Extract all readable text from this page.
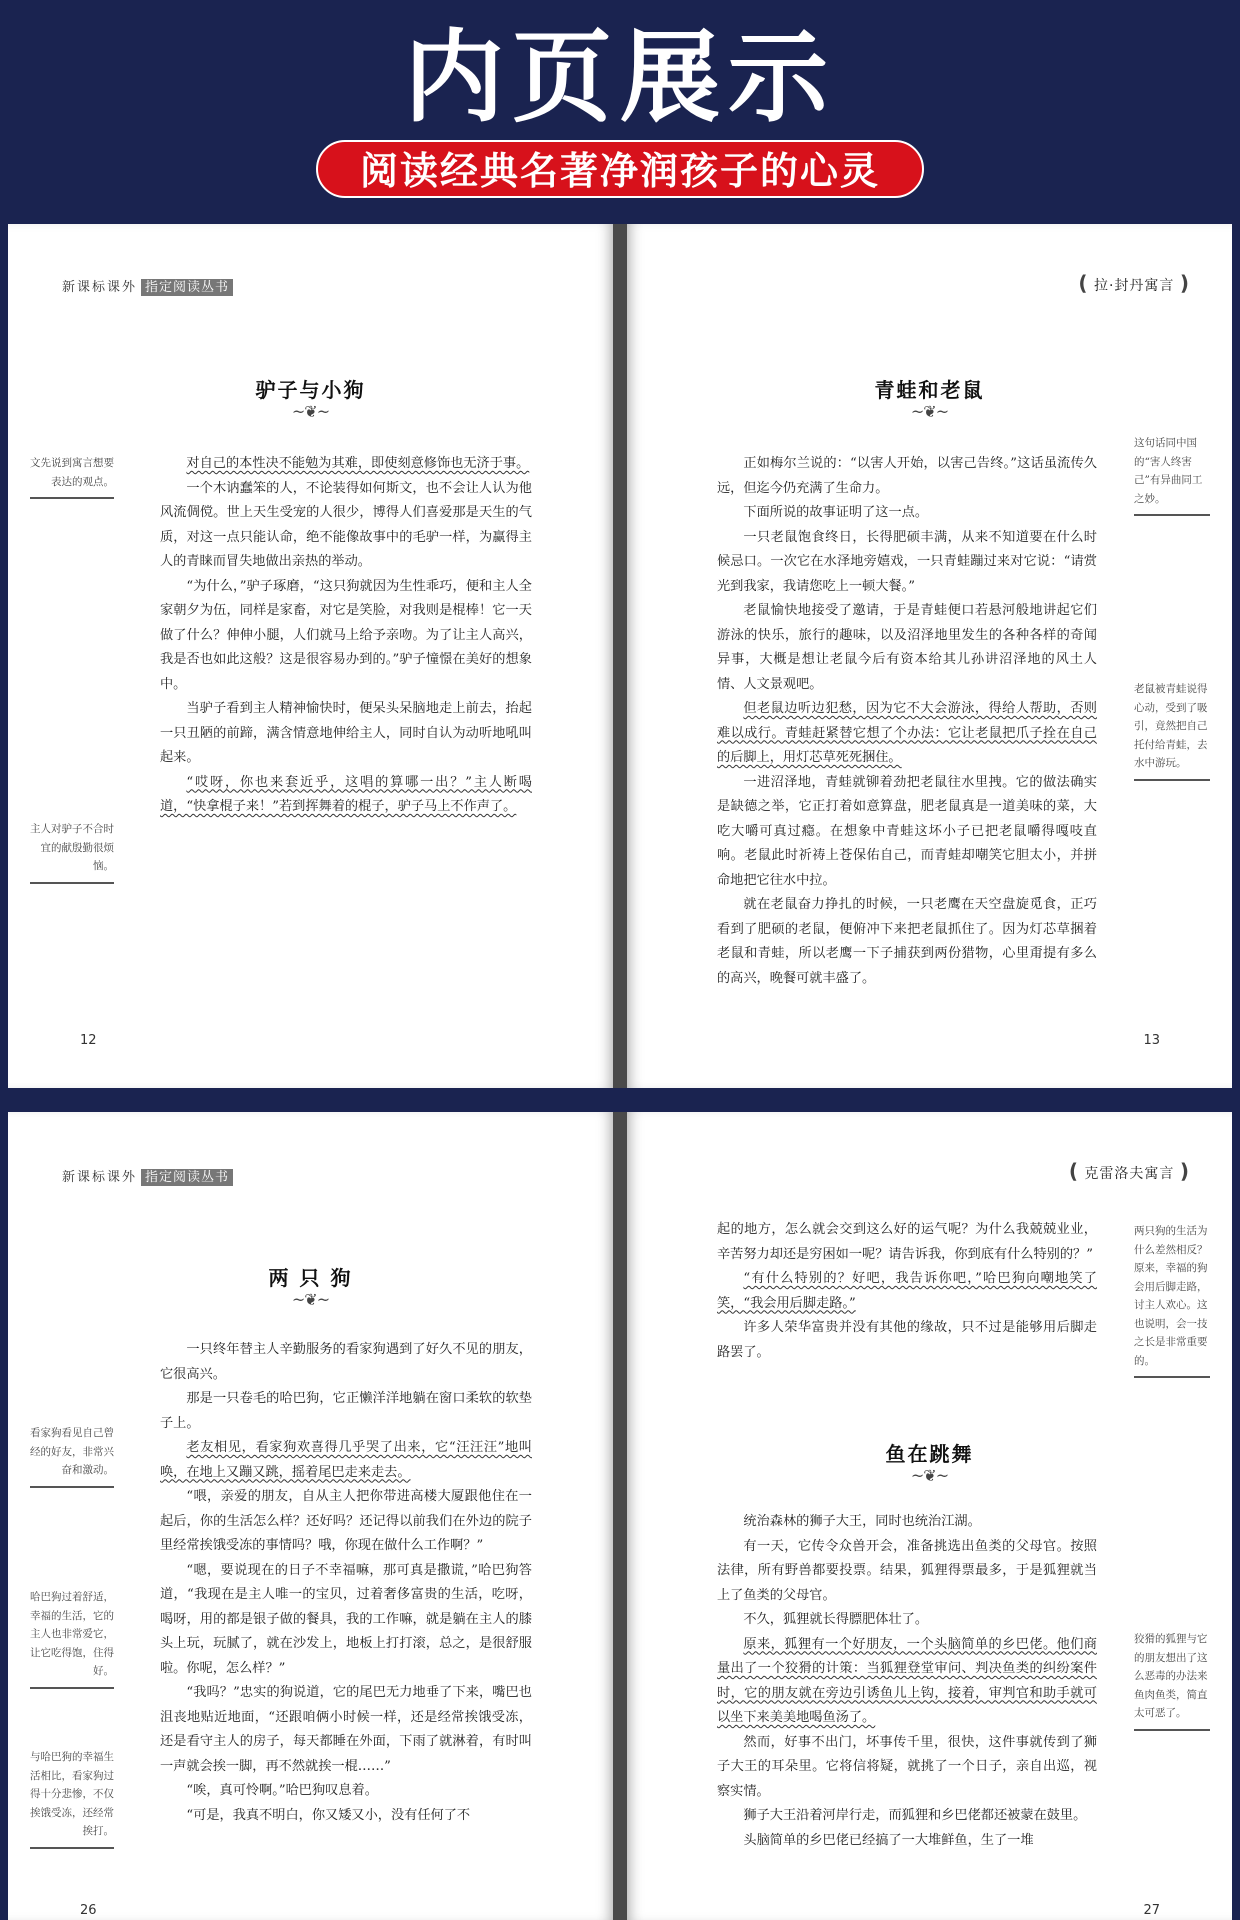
内页展示
阅读经典名著净润孩子的心灵
新课标课外 指定阅读丛书
驴子与小狗
~❦~
文先说到寓言想要表达的观点。
主人对驴子不合时宜的献殷勤很烦恼。

对自己的本性决不能勉为其难，即使刻意修饰也无济于事。

一个木讷蠢笨的人，不论装得如何斯文，也不会让人认为他风流倜傥。世上天生受宠的人很少，博得人们喜爱那是天生的气质，对这一点只能认命，绝不能像故事中的毛驴一样，为赢得主人的青睐而冒失地做出亲热的举动。

“为什么，”驴子琢磨，“这只狗就因为生性乖巧，便和主人全家朝夕为伍，同样是家畜，对它是笑脸，对我则是棍棒！它一天做了什么？伸伸小腿，人们就马上给予亲吻。为了让主人高兴，我是否也如此这般？这是很容易办到的。”驴子憧憬在美好的想象中。

当驴子看到主人精神愉快时，便呆头呆脑地走上前去，抬起一只丑陋的前蹄，满含情意地伸给主人，同时自认为动听地吼叫起来。

“哎呀，你也来套近乎，这唱的算哪一出？”主人断喝道，“快拿棍子来！”若到挥舞着的棍子，驴子马上不作声了。

12
( 拉·封丹寓言 )
青蛙和老鼠
~❦~
这句话同中国的“害人终害己”有异曲同工之妙。
老鼠被青蛙说得心动，受到了吸引，竟然把自己托付给青蛙，去水中游玩。

正如梅尔兰说的：“以害人开始，以害己告终。”这话虽流传久远，但迄今仍充满了生命力。

下面所说的故事证明了这一点。

一只老鼠饱食终日，长得肥硕丰满，从来不知道要在什么时候忌口。一次它在水泽地旁嬉戏，一只青蛙蹦过来对它说：“请赏光到我家，我请您吃上一顿大餐。”

老鼠愉快地接受了邀请，于是青蛙便口若悬河般地讲起它们游泳的快乐，旅行的趣味，以及沼泽地里发生的各种各样的奇闻异事，大概是想让老鼠今后有资本给其儿孙讲沼泽地的风土人情、人文景观吧。

但老鼠边听边犯愁，因为它不大会游泳，得给人帮助，否则难以成行。青蛙赶紧替它想了个办法：它让老鼠把爪子拴在自己的后脚上，用灯芯草死死捆住。

一进沼泽地，青蛙就铆着劲把老鼠往水里拽。它的做法确实是缺德之举，它正打着如意算盘，肥老鼠真是一道美味的菜，大吃大嚼可真过瘾。在想象中青蛙这坏小子已把老鼠嚼得嘎吱直响。老鼠此时祈祷上苍保佑自己，而青蛙却嘲笑它胆太小，并拼命地把它往水中拉。

就在老鼠奋力挣扎的时候，一只老鹰在天空盘旋觅食，正巧看到了肥硕的老鼠，便俯冲下来把老鼠抓住了。因为灯芯草捆着老鼠和青蛙，所以老鹰一下子捕获到两份猎物，心里甭提有多么的高兴，晚餐可就丰盛了。

13
新课标课外 指定阅读丛书
两 只 狗
~❦~
看家狗看见自己曾经的好友，非常兴奋和激动。
哈巴狗过着舒适，幸福的生活，它的主人也非常爱它，让它吃得饱，住得好。
与哈巴狗的幸福生活相比，看家狗过得十分悲惨，不仅挨饿受冻，还经常挨打。

一只终年替主人辛勤服务的看家狗遇到了好久不见的朋友，它很高兴。

那是一只卷毛的哈巴狗，它正懒洋洋地躺在窗口柔软的软垫子上。

老友相见，看家狗欢喜得几乎哭了出来，它“汪汪汪”地叫唤，在地上又蹦又跳，摇着尾巴走来走去。

“喂，亲爱的朋友，自从主人把你带进高楼大厦跟他住在一起后，你的生活怎么样？还好吗？还记得以前我们在外边的院子里经常挨饿受冻的事情吗？哦，你现在做什么工作啊？”

“嗯，要说现在的日子不幸福嘛，那可真是撒谎，”哈巴狗答道，“我现在是主人唯一的宝贝，过着奢侈富贵的生活，吃呀，喝呀，用的都是银子做的餐具，我的工作嘛，就是躺在主人的膝头上玩，玩腻了，就在沙发上，地板上打打滚，总之，是很舒服啦。你呢，怎么样？”

“我吗？”忠实的狗说道，它的尾巴无力地垂了下来，嘴巴也沮丧地贴近地面，“还跟咱俩小时候一样，还是经常挨饿受冻，还是看守主人的房子，每天都睡在外面，下雨了就淋着，有时叫一声就会挨一脚，再不然就挨一棍……”

“唉，真可怜啊。”哈巴狗叹息着。

“可是，我真不明白，你又矮又小，没有任何了不

26
( 克雷洛夫寓言 )
两只狗的生活为什么差然相反？原来，幸福的狗会用后脚走路，讨主人欢心。这也说明，会一技之长是非常重要的。
狡猾的狐狸与它的朋友想出了这么恶毒的办法来鱼肉鱼类，简直太可恶了。

起的地方，怎么就会交到这么好的运气呢？为什么我兢兢业业，辛苦努力却还是穷困如一呢？请告诉我，你到底有什么特别的？”

“有什么特别的？好吧，我告诉你吧，”哈巴狗向嘲地笑了笑，“我会用后脚走路。”

许多人荣华富贵并没有其他的缘故，只不过是能够用后脚走路罢了。

鱼在跳舞
~❦~

统治森林的狮子大王，同时也统治江湖。

有一天，它传令众兽开会，准备挑选出鱼类的父母官。按照法律，所有野兽都要投票。结果，狐狸得票最多，于是狐狸就当上了鱼类的父母官。

不久，狐狸就长得膘肥体壮了。

原来，狐狸有一个好朋友，一个头脑简单的乡巴佬。他们商量出了一个狡猾的计策：当狐狸登堂审问、判决鱼类的纠纷案件时，它的朋友就在旁边引诱鱼儿上钩，接着，审判官和助手就可以坐下来美美地喝鱼汤了。

然而，好事不出门，坏事传千里，很快，这件事就传到了狮子大王的耳朵里。它将信将疑，就挑了一个日子，亲自出巡，视察实情。

狮子大王沿着河岸行走，而狐狸和乡巴佬都还被蒙在鼓里。

头脑简单的乡巴佬已经搞了一大堆鲜鱼，生了一堆

27
